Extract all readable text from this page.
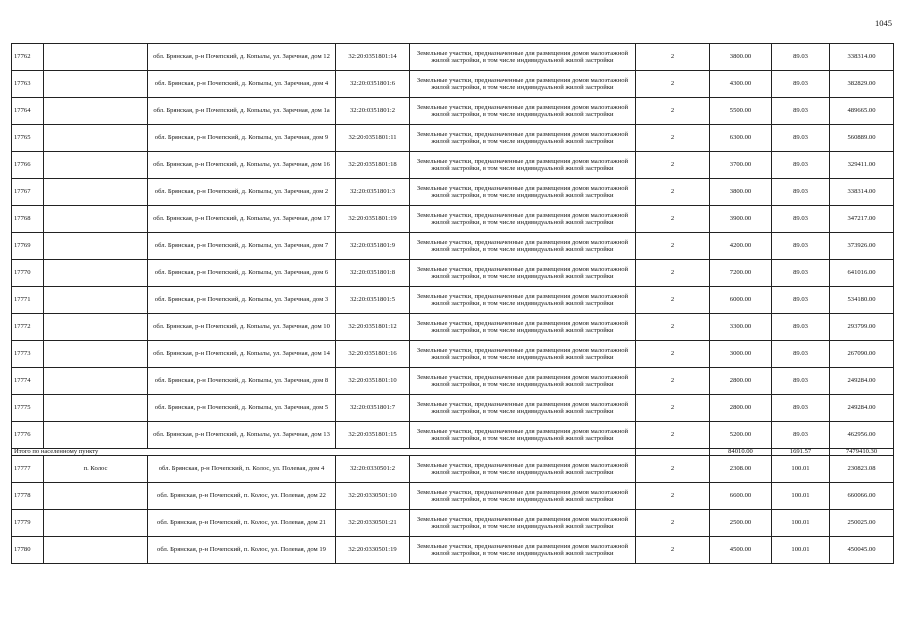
1045
17762		обл. Брянская, р-н Почепский, д. Копылы, ул. Заречная, дом 12	32:20:0351801:14	Земельные участки, предназначенные для размещения домов малоэтажной жилой застройки, в том числе индивидуальной жилой застройки	2	3800.00	89.03	338314.00
17763		обл. Брянская, р-н Почепский, д. Копылы, ул. Заречная, дом 4	32:20:0351801:6	Земельные участки, предназначенные для размещения домов малоэтажной жилой застройки, в том числе индивидуальной жилой застройки	2	4300.00	89.03	382829.00
17764		обл. Брянская, р-н Почепский, д. Копылы, ул. Заречная, дом 1а	32:20:0351801:2	Земельные участки, предназначенные для размещения домов малоэтажной жилой застройки, в том числе индивидуальной жилой застройки	2	5500.00	89.03	489665.00
17765		обл. Брянская, р-н Почепский, д. Копылы, ул. Заречная, дом 9	32:20:0351801:11	Земельные участки, предназначенные для размещения домов малоэтажной жилой застройки, в том числе индивидуальной жилой застройки	2	6300.00	89.03	560889.00
17766		обл. Брянская, р-н Почепский, д. Копылы, ул. Заречная, дом 16	32:20:0351801:18	Земельные участки, предназначенные для размещения домов малоэтажной жилой застройки, в том числе индивидуальной жилой застройки	2	3700.00	89.03	329411.00
17767		обл. Брянская, р-н Почепский, д. Копылы, ул. Заречная, дом 2	32:20:0351801:3	Земельные участки, предназначенные для размещения домов малоэтажной жилой застройки, в том числе индивидуальной жилой застройки	2	3800.00	89.03	338314.00
17768		обл. Брянская, р-н Почепский, д. Копылы, ул. Заречная, дом 17	32:20:0351801:19	Земельные участки, предназначенные для размещения домов малоэтажной жилой застройки, в том числе индивидуальной жилой застройки	2	3900.00	89.03	347217.00
17769		обл. Брянская, р-н Почепский, д. Копылы, ул. Заречная, дом 7	32:20:0351801:9	Земельные участки, предназначенные для размещения домов малоэтажной жилой застройки, в том числе индивидуальной жилой застройки	2	4200.00	89.03	373926.00
17770		обл. Брянская, р-н Почепский, д. Копылы, ул. Заречная, дом 6	32:20:0351801:8	Земельные участки, предназначенные для размещения домов малоэтажной жилой застройки, в том числе индивидуальной жилой застройки	2	7200.00	89.03	641016.00
17771		обл. Брянская, р-н Почепский, д. Копылы, ул. Заречная, дом 3	32:20:0351801:5	Земельные участки, предназначенные для размещения домов малоэтажной жилой застройки, в том числе индивидуальной жилой застройки	2	6000.00	89.03	534180.00
17772		обл. Брянская, р-н Почепский, д. Копылы, ул. Заречная, дом 10	32:20:0351801:12	Земельные участки, предназначенные для размещения домов малоэтажной жилой застройки, в том числе индивидуальной жилой застройки	2	3300.00	89.03	293799.00
17773		обл. Брянская, р-н Почепский, д. Копылы, ул. Заречная, дом 14	32:20:0351801:16	Земельные участки, предназначенные для размещения домов малоэтажной жилой застройки, в том числе индивидуальной жилой застройки	2	3000.00	89.03	267090.00
17774		обл. Брянская, р-н Почепский, д. Копылы, ул. Заречная, дом 8	32:20:0351801:10	Земельные участки, предназначенные для размещения домов малоэтажной жилой застройки, в том числе индивидуальной жилой застройки	2	2800.00	89.03	249284.00
17775		обл. Брянская, р-н Почепский, д. Копылы, ул. Заречная, дом 5	32:20:0351801:7	Земельные участки, предназначенные для размещения домов малоэтажной жилой застройки, в том числе индивидуальной жилой застройки	2	2800.00	89.03	249284.00
17776		обл. Брянская, р-н Почепский, д. Копылы, ул. Заречная, дом 13	32:20:0351801:15	Земельные участки, предназначенные для размещения домов малоэтажной жилой застройки, в том числе индивидуальной жилой застройки	2	5200.00	89.03	462956.00
Итого по населенному пункту						84010.00	1691.57	7479410.30
17777	п. Колос	обл. Брянская, р-н Почепский, п. Колос, ул. Полевая, дом 4	32:20:0330501:2	Земельные участки, предназначенные для размещения домов малоэтажной жилой застройки, в том числе индивидуальной жилой застройки	2	2308.00	100.01	230823.08
17778		обл. Брянская, р-н Почепский, п. Колос, ул. Полевая, дом 22	32:20:0330501:10	Земельные участки, предназначенные для размещения домов малоэтажной жилой застройки, в том числе индивидуальной жилой застройки	2	6600.00	100.01	660066.00
17779		обл. Брянская, р-н Почепский, п. Колос, ул. Полевая, дом 21	32:20:0330501:21	Земельные участки, предназначенные для размещения домов малоэтажной жилой застройки, в том числе индивидуальной жилой застройки	2	2500.00	100.01	250025.00
17780		обл. Брянская, р-н Почепский, п. Колос, ул. Полевая, дом 19	32:20:0330501:19	Земельные участки, предназначенные для размещения домов малоэтажной жилой застройки, в том числе индивидуальной жилой застройки	2	4500.00	100.01	450045.00
